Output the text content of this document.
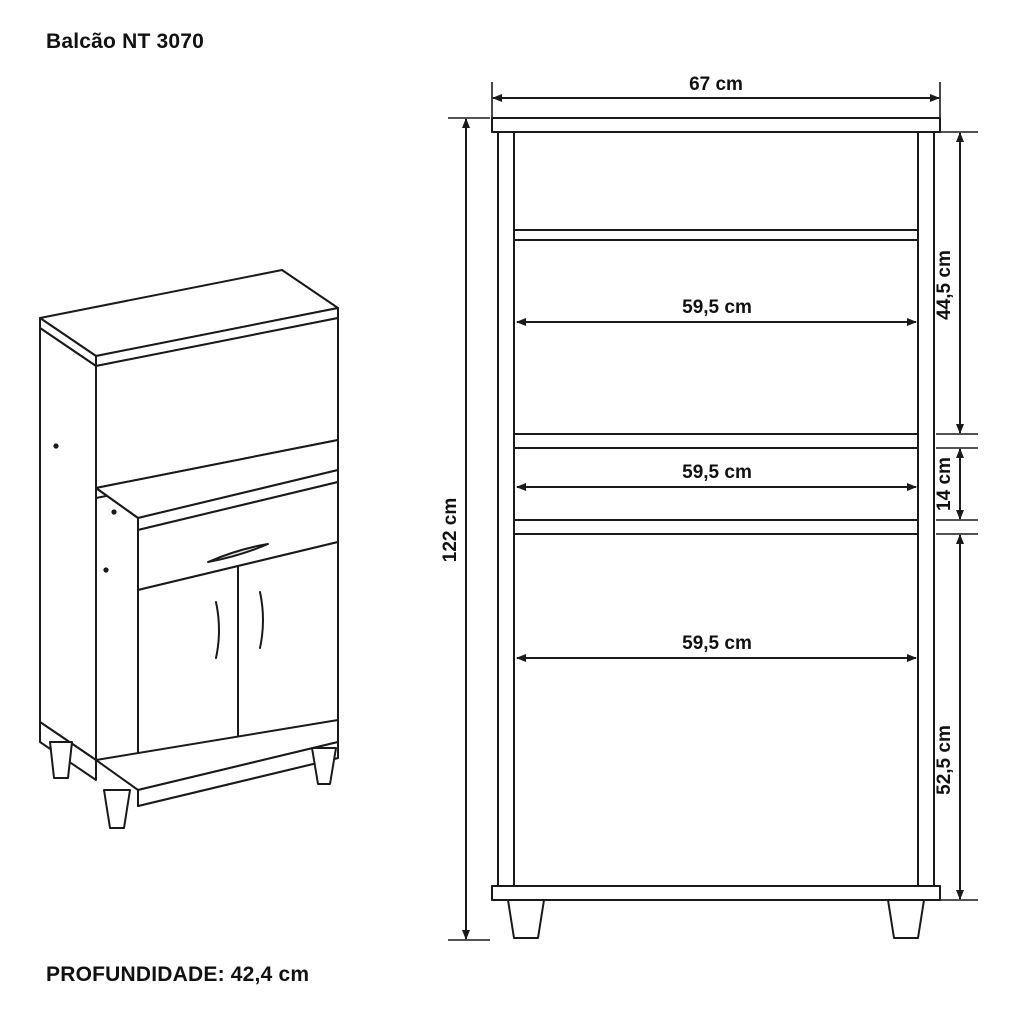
Balcão NT 3070
67 cm
122 cm
59,5 cm
59,5 cm
59,5 cm
44,5 cm
14 cm
52,5 cm
PROFUNDIDADE: 42,4 cm
